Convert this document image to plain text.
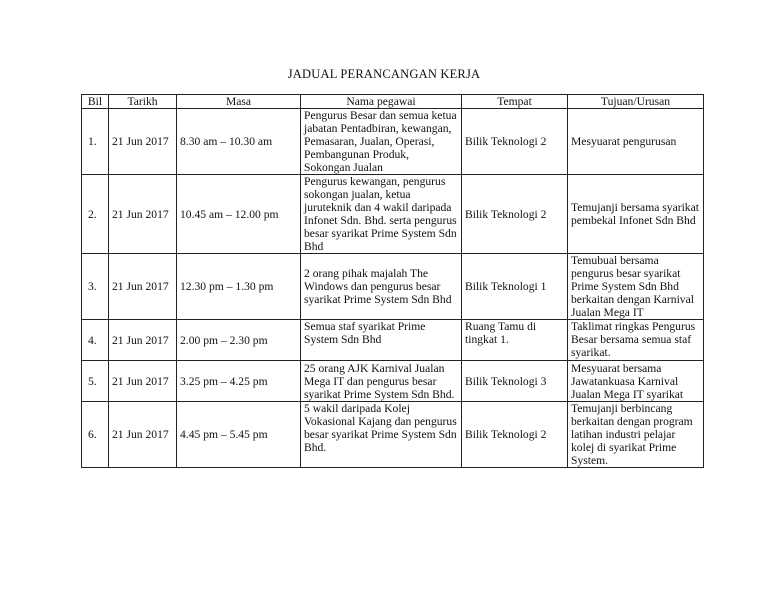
JADUAL PERANCANGAN KERJA
Bil	Tarikh	Masa	Nama pegawai	Tempat	Tujuan/Urusan
1.	21 Jun 2017	8.30 am – 10.30 am	Pengurus Besar dan semua ketua jabatan Pentadbiran, kewangan, Pemasaran, Jualan, Operasi, Pembangunan Produk, Sokongan Jualan	Bilik Teknologi 2	Mesyuarat pengurusan
2.	21 Jun 2017	10.45 am – 12.00 pm	Pengurus kewangan, pengurus sokongan jualan, ketua juruteknik dan 4 wakil daripada Infonet Sdn. Bhd. serta pengurus besar syarikat Prime System Sdn Bhd	Bilik Teknologi 2	Temujanji bersama syarikat pembekal Infonet Sdn Bhd
3.	21 Jun 2017	12.30 pm – 1.30 pm	2 orang pihak majalah The Windows dan pengurus besar syarikat Prime System Sdn Bhd	Bilik Teknologi 1	Temubual bersama pengurus besar syarikat Prime System Sdn Bhd berkaitan dengan Karnival Jualan Mega IT
4.	21 Jun 2017	2.00 pm – 2.30 pm	Semua staf syarikat Prime System Sdn Bhd	Ruang Tamu di tingkat 1.	Taklimat ringkas Pengurus Besar bersama semua staf syarikat.
5.	21 Jun 2017	3.25 pm – 4.25 pm	25 orang AJK Karnival Jualan Mega IT dan pengurus besar syarikat Prime System Sdn Bhd.	Bilik Teknologi 3	Mesyuarat bersama Jawatankuasa Karnival Jualan Mega IT syarikat
6.	21 Jun 2017	4.45 pm – 5.45 pm	5 wakil daripada Kolej Vokasional Kajang dan pengurus besar syarikat Prime System Sdn Bhd.	Bilik Teknologi 2	Temujanji berbincang berkaitan dengan program latihan industri pelajar kolej di syarikat Prime System.
